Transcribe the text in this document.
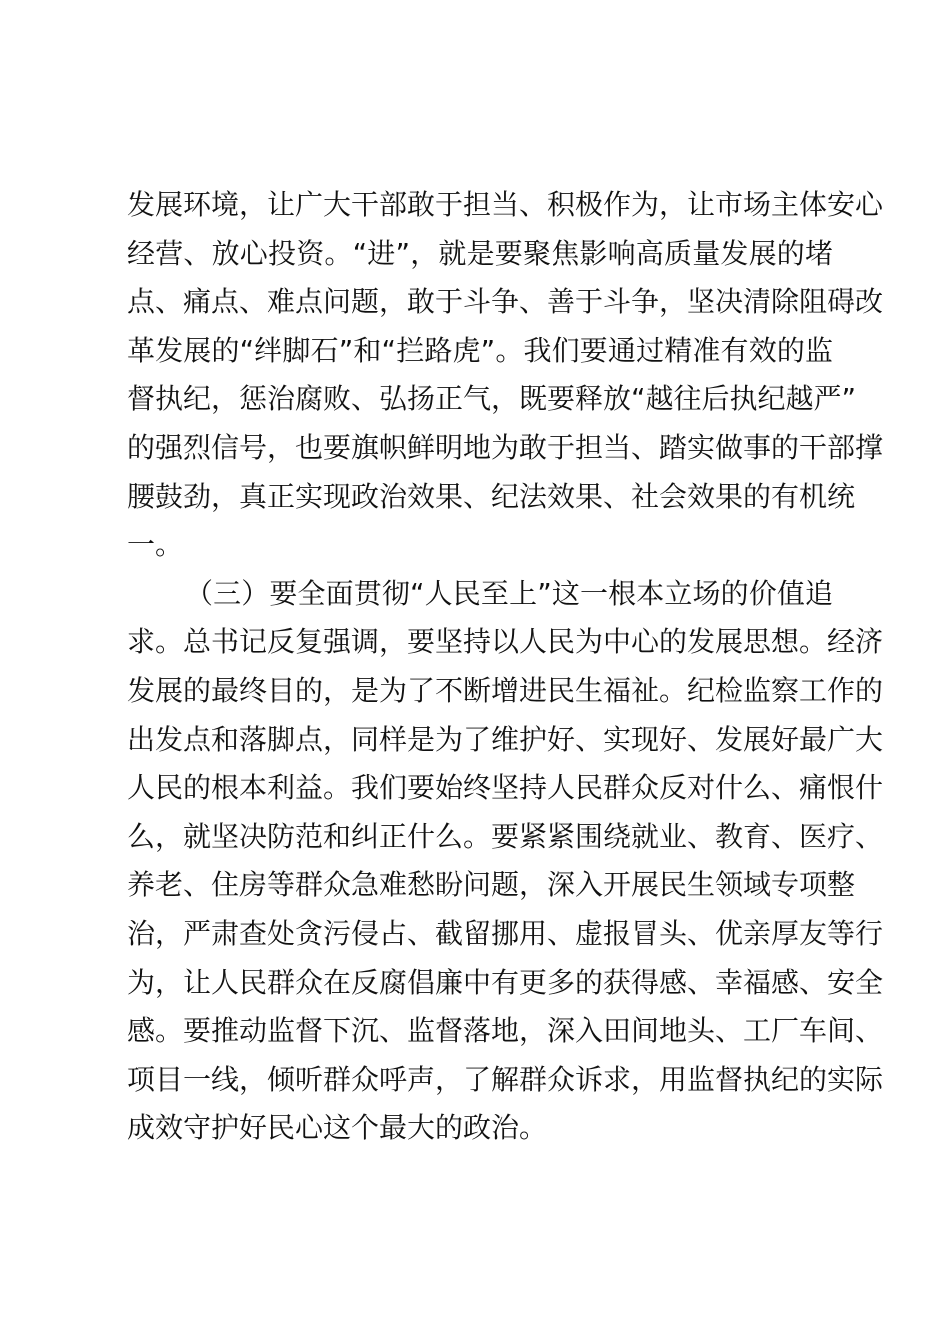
发展环境，让广大干部敢于担当、积极作为，让市场主体安心
经营、放心投资。“进”，就是要聚焦影响高质量发展的堵
点、痛点、难点问题，敢于斗争、善于斗争，坚决清除阻碍改
革发展的“绊脚石”和“拦路虎”。我们要通过精准有效的监
督执纪，惩治腐败、弘扬正气，既要释放“越往后执纪越严”
的强烈信号，也要旗帜鲜明地为敢于担当、踏实做事的干部撑
腰鼓劲，真正实现政治效果、纪法效果、社会效果的有机统
一。
（三）要全面贯彻“人民至上”这一根本立场的价值追
求。总书记反复强调，要坚持以人民为中心的发展思想。经济
发展的最终目的，是为了不断增进民生福祉。纪检监察工作的
出发点和落脚点，同样是为了维护好、实现好、发展好最广大
人民的根本利益。我们要始终坚持人民群众反对什么、痛恨什
么，就坚决防范和纠正什么。要紧紧围绕就业、教育、医疗、
养老、住房等群众急难愁盼问题，深入开展民生领域专项整
治，严肃查处贪污侵占、截留挪用、虚报冒头、优亲厚友等行
为，让人民群众在反腐倡廉中有更多的获得感、幸福感、安全
感。要推动监督下沉、监督落地，深入田间地头、工厂车间、
项目一线，倾听群众呼声，了解群众诉求，用监督执纪的实际
成效守护好民心这个最大的政治。
